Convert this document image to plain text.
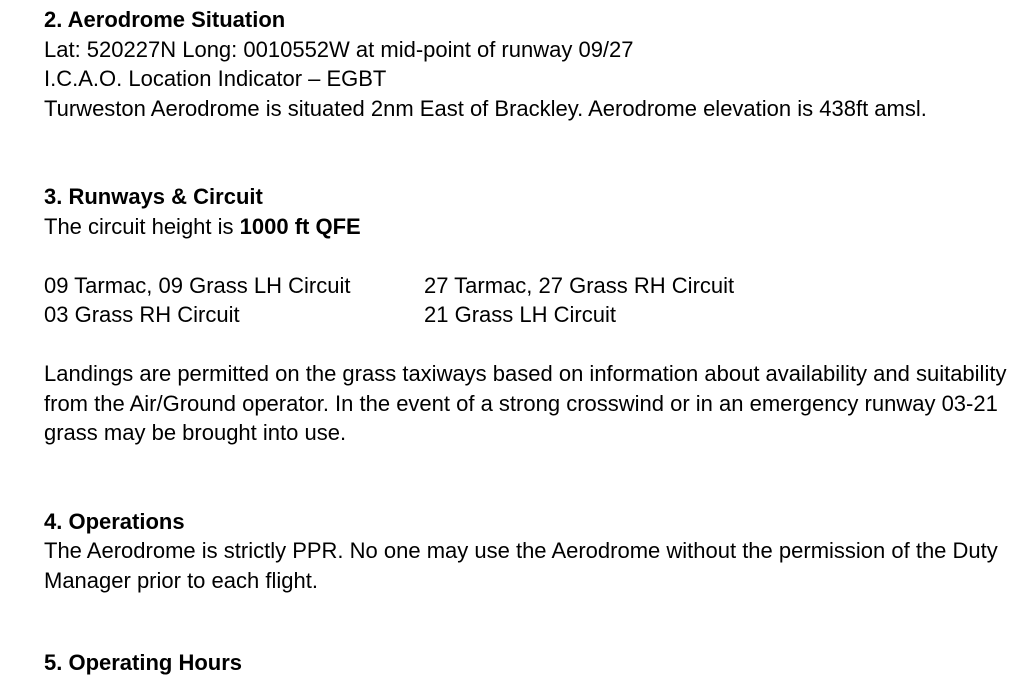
2. Aerodrome Situation

Lat: 520227N Long: 0010552W at mid-point of runway 09/27

I.C.A.O. Location Indicator – EGBT

Turweston Aerodrome is situated 2nm East of Brackley. Aerodrome elevation is 438ft amsl.

3. Runways & Circuit

The circuit height is 1000 ft QFE

09 Tarmac, 09 Grass LH Circuit	27 Tarmac, 27 Grass RH Circuit
03 Grass RH Circuit	21 Grass LH Circuit

Landings are permitted on the grass taxiways based on information about availability and suitability from the Air/Ground operator. In the event of a strong crosswind or in an emergency runway 03-21 grass may be brought into use.

4. Operations

The Aerodrome is strictly PPR. No one may use the Aerodrome without the permission of the Duty Manager prior to each flight.

5. Operating Hours
